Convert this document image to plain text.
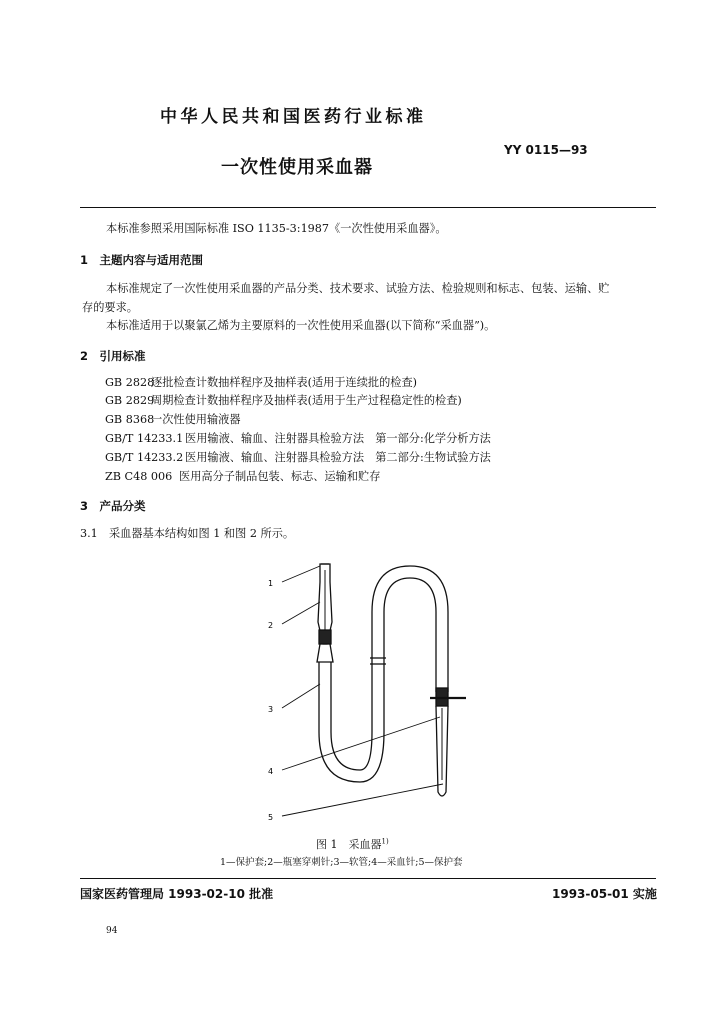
中华人民共和国医药行业标准
YY 0115—93
一次性使用采血器
本标准参照采用国际标准 ISO 1135-3:1987《一次性使用采血器》。
1　主题内容与适用范围
本标准规定了一次性使用采血器的产品分类、技术要求、试验方法、检验规则和标志、包装、运输、贮
存的要求。
本标准适用于以聚氯乙烯为主要原料的一次性使用采血器(以下简称“采血器”)。
2　引用标准
GB 2828逐批检查计数抽样程序及抽样表(适用于连续批的检查)
GB 2829周期检查计数抽样程序及抽样表(适用于生产过程稳定性的检查)
GB 8368一次性使用输液器
GB/T 14233.1 医用输液、输血、注射器具检验方法　第一部分:化学分析方法
GB/T 14233.2 医用输液、输血、注射器具检验方法　第二部分:生物试验方法
ZB C48 006 医用高分子制品包装、标志、运输和贮存
3　产品分类
3.1　采血器基本结构如图 1 和图 2 所示。
1
2
3
4
5
图 1　采血器$^{1)}$
1—保护套;2—瓶塞穿刺针;3—软管;4—采血针;5—保护套
国家医药管理局 1993-02-10 批准	1993-05-01 实施
94
